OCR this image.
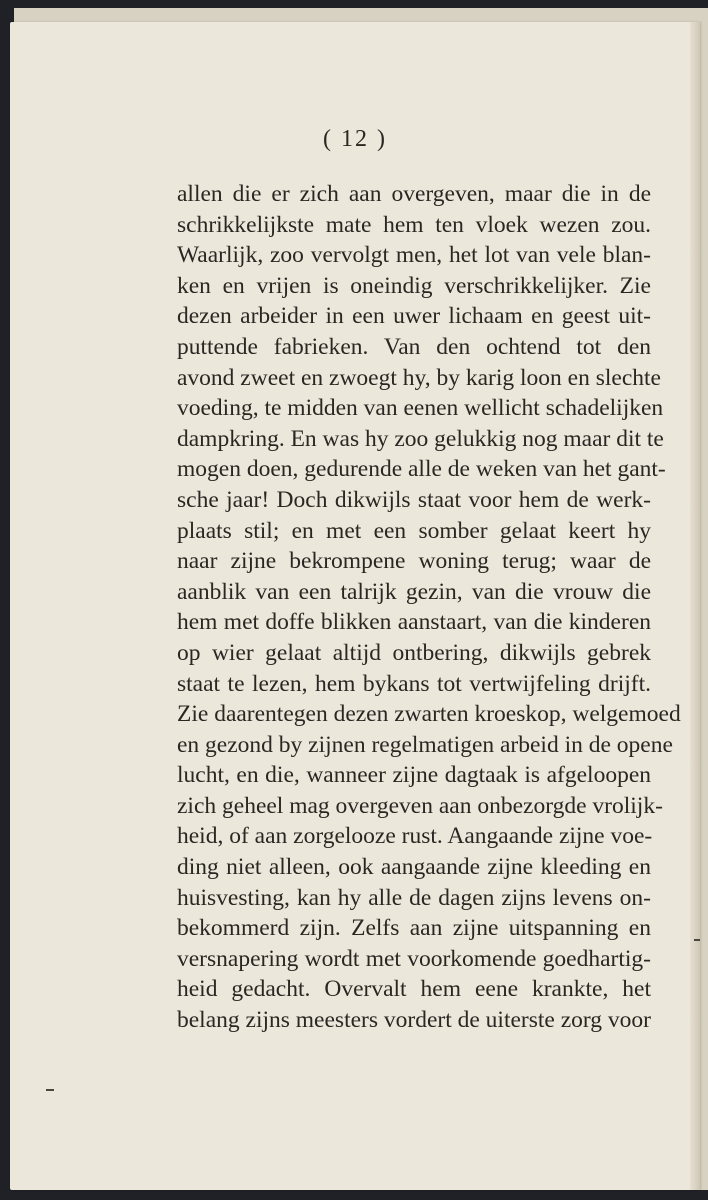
( 12 )
allen die er zich aan overgeven, maar die in de
schrikkelijkste mate hem ten vloek wezen zou.
Waarlijk, zoo vervolgt men, het lot van vele blan-
ken en vrijen is oneindig verschrikkelijker. Zie
dezen arbeider in een uwer lichaam en geest uit-
puttende fabrieken. Van den ochtend tot den
avond zweet en zwoegt hy, by karig loon en slechte
voeding, te midden van eenen wellicht schadelijken
dampkring. En was hy zoo gelukkig nog maar dit te
mogen doen, gedurende alle de weken van het gant-
sche jaar! Doch dikwijls staat voor hem de werk-
plaats stil; en met een somber gelaat keert hy
naar zijne bekrompene woning terug; waar de
aanblik van een talrijk gezin, van die vrouw die
hem met doffe blikken aanstaart, van die kinderen
op wier gelaat altijd ontbering, dikwijls gebrek
staat te lezen, hem bykans tot vertwijfeling drijft.
Zie daarentegen dezen zwarten kroeskop, welgemoed
en gezond by zijnen regelmatigen arbeid in de opene
lucht, en die, wanneer zijne dagtaak is afgeloopen
zich geheel mag overgeven aan onbezorgde vrolijk-
heid, of aan zorgelooze rust. Aangaande zijne voe-
ding niet alleen, ook aangaande zijne kleeding en
huisvesting, kan hy alle de dagen zijns levens on-
bekommerd zijn. Zelfs aan zijne uitspanning en
versnapering wordt met voorkomende goedhartig-
heid gedacht. Overvalt hem eene krankte, het
belang zijns meesters vordert de uiterste zorg voor
